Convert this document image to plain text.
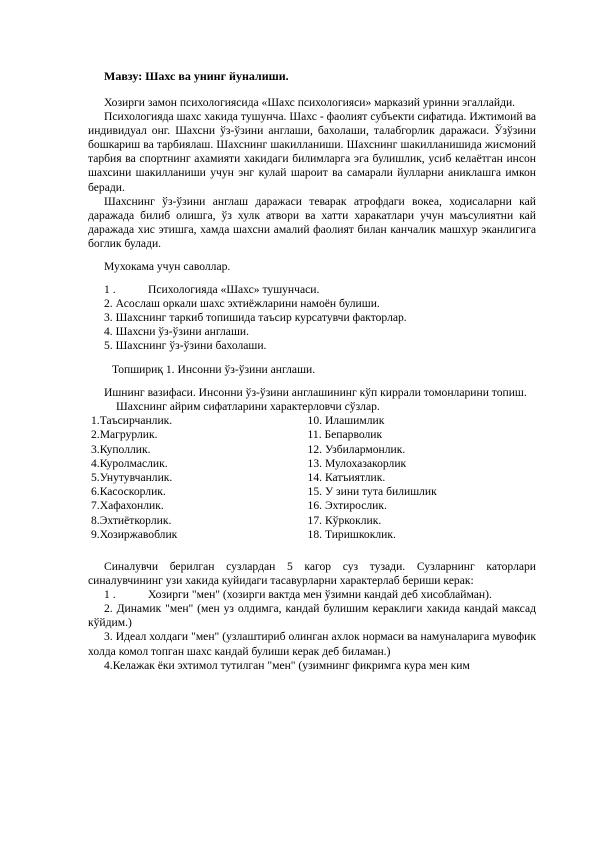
Мавзу: Шахс ва унинг йуналиши.

Хозирги замон психологиясида «Шахс психологияси» марказий уринни эгаллайди.

Психологияда шахс хакида тушунча. Шахс - фаолият субъекти сифатида. Ижтимоий ва индивидуал онг. Шахсни ўз-ўзини англаши, бахолаши, талабгорлик даражаси. Ўзўзини бошкариш ва тарбиялаш. Шахснинг шакилланиши. Шахснинг шакилланишида жисмоний тарбия ва спортнинг ахамияти хакидаги билимларга эга булишлик, усиб келаётган инсон шахсини шакилланиши учун энг кулай шароит ва самарали йулларни аниклашга имкон беради.

Шахснинг ўз-ўзини англаш даражаси теварак атрофдаги вокеа, ходисаларни кай даражада билиб олишга, ўз хулк атвори ва хатти харакатлари учун маъсулиятни кай даражада хис этишга, хамда шахсни амалий фаолият билан канчалик машхур эканлигига боглик булади.

Мухокама учун саволлар.

1 .	Психологияда «Шахс» тушунчаси.
2. Асослаш оркали шахс эхтиёжларини намоён булиши.
3. Шахснинг таркиб топишида таъсир курсатувчи факторлар.
4. Шахсни ўз-ўзини англаши.
5. Шахснинг ўз-ўзини бахолаши.

Топшириқ 1. Инсонни ўз-ўзини англаши.

Ишнинг вазифаси. Инсонни ўз-ўзини англашининг кўп киррали томонларини топиш.

Шахснинг айрим сифатларини характерловчи сўзлар.

1.Таъсирчанлик.
2.Магрурлик.
3.Куполлик.
4.Куролмаслик.
5.Унутувчанлик.
6.Касоскорлик.
7.Хафахонлик.
8.Эхтиёткорлик.
9.Хозиржавоблик
10. Илашимлик
11. Бепарволик
12. Узбилармонлик.
13. Мулохазакорлик
14. Катъиятлик.
15. У зини тута билишлик
16. Эхтирослик.
17. Кўркоклик.
18. Тиришкоклик.

Синалувчи берилган сузлардан 5 кагор суз тузади. Сузларнинг каторлари синалувчининг узи хакида куйидаги тасавурларни характерлаб бериши керак:

1 .	Хозирги "мен" (хозирги вактда мен ўзимни кандай деб хисоблайман).

2. Динамик "мен" (мен уз олдимга, кандай булишим кераклиги хакида кандай максад кўйдим.)

3. Идеал холдаги "мен" (узлаштириб олинган ахлок нормаси ва намуналарига мувофик холда комол топган шахс кандай булиши керак деб биламан.)

4.Келажак ёки эхтимол тутилган "мен" (узимнинг фикримга кура мен ким
